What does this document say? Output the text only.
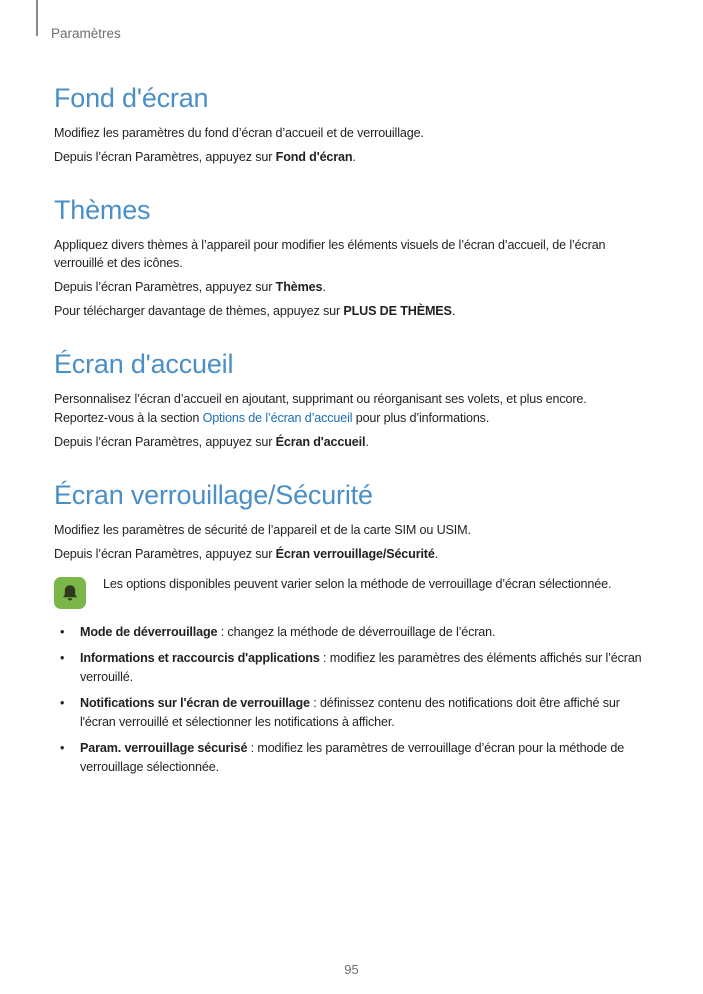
Paramètres
Fond d'écran

Modifiez les paramètres du fond d’écran d’accueil et de verrouillage.

Depuis l’écran Paramètres, appuyez sur Fond d'écran.

Thèmes

Appliquez divers thèmes à l’appareil pour modifier les éléments visuels de l’écran d’accueil, de l’écran verrouillé et des icônes.

Depuis l’écran Paramètres, appuyez sur Thèmes.

Pour télécharger davantage de thèmes, appuyez sur PLUS DE THÈMES.

Écran d'accueil

Personnalisez l’écran d’accueil en ajoutant, supprimant ou réorganisant ses volets, et plus encore.

Reportez-vous à la section Options de l’écran d’accueil pour plus d’informations.

Depuis l’écran Paramètres, appuyez sur Écran d'accueil.

Écran verrouillage/Sécurité

Modifiez les paramètres de sécurité de l’appareil et de la carte SIM ou USIM.

Depuis l’écran Paramètres, appuyez sur Écran verrouillage/Sécurité.

Les options disponibles peuvent varier selon la méthode de verrouillage d’écran sélectionnée.
• Mode de déverrouillage : changez la méthode de déverrouillage de l’écran.
• Informations et raccourcis d'applications : modifiez les paramètres des éléments affichés sur l’écran verrouillé.
• Notifications sur l'écran de verrouillage : définissez contenu des notifications doit être affiché sur l'écran verrouillé et sélectionner les notifications à afficher.
• Param. verrouillage sécurisé : modifiez les paramètres de verrouillage d’écran pour la méthode de verrouillage sélectionnée.
95
